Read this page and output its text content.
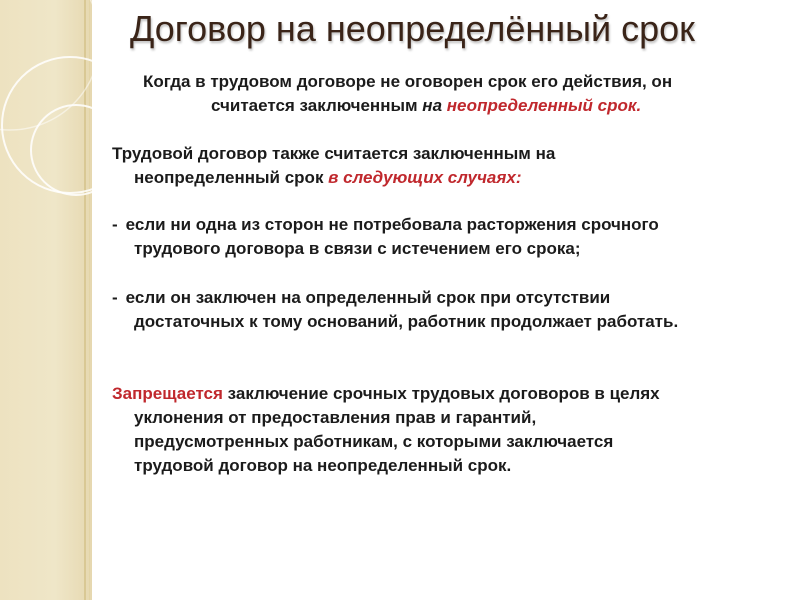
Договор на неопределённый срок
Когда в трудовом договоре не оговорен срок его действия, он
считается заключенным на неопределенный срок.
Трудовой договор также считается заключенным на
неопределенный срок в следующих случаях:
- если ни одна из сторон не потребовала расторжения срочного
трудового договора в связи с истечением его срока;
- если он заключен на определенный срок при отсутствии
достаточных к тому оснований, работник продолжает работать.
Запрещается заключение срочных трудовых договоров в целях
уклонения от предоставления прав и гарантий,
предусмотренных работникам, с которыми заключается
трудовой договор на неопределенный срок.
